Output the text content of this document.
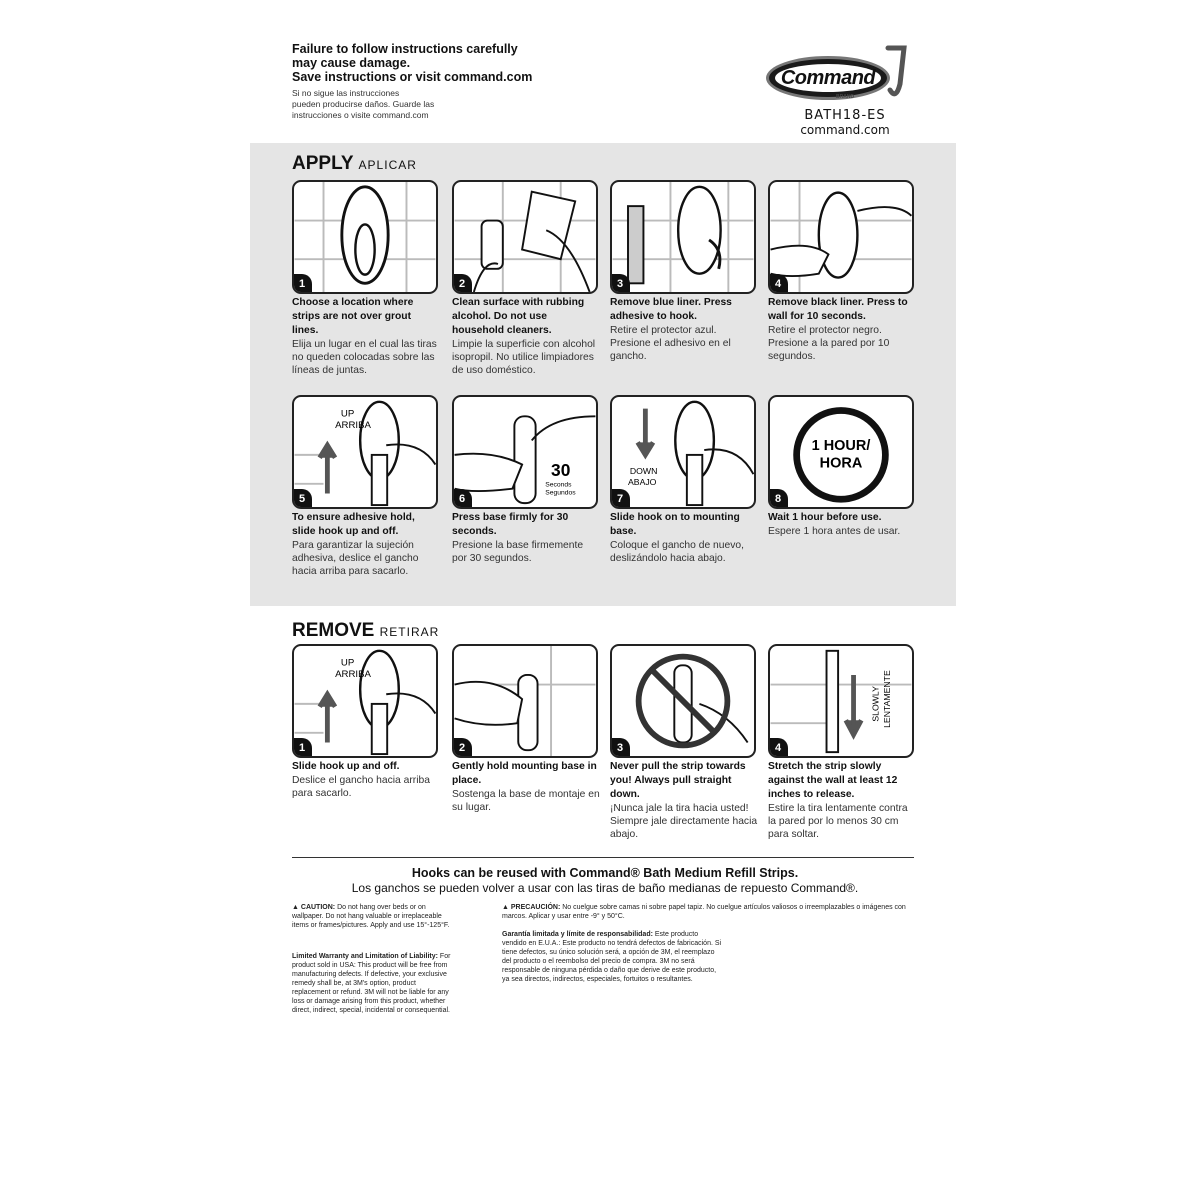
Failure to follow instructions carefully
may cause damage.
Save instructions or visit command.com
Si no sigue las instrucciones
pueden producirse daños. Guarde las
instrucciones o visite command.com
Command
BRAND
BATH18-ES
command.com
APPLY APLICAR
1
Choose a location where strips are not over grout lines.
Elija un lugar en el cual las tiras no queden colocadas sobre las líneas de juntas.
2
Clean surface with rubbing alcohol. Do not use household cleaners.
Limpie la superficie con alcohol isopropil. No utilice limpiadores de uso doméstico.
3
Remove blue liner. Press adhesive to hook.
Retire el protector azul. Presione el adhesivo en el gancho.
4
Remove black liner. Press to wall for 10 seconds.
Retire el protector negro. Presione a la pared por 10 segundos.
UP
ARRIBA
5
To ensure adhesive hold, slide hook up and off.
Para garantizar la sujeción adhesiva, deslice el gancho hacia arriba para sacarlo.
30
Seconds
Segundos
6
Press base firmly for 30 seconds.
Presione la base firmemente por 30 segundos.
DOWN
ABAJO
7
Slide hook on to mounting base.
Coloque el gancho de nuevo, deslizándolo hacia abajo.
1 HOUR/
HORA
8
Wait 1 hour before use.
Espere 1 hora antes de usar.
REMOVE RETIRAR
UP
ARRIBA
1
Slide hook up and off.
Deslice el gancho hacia arriba para sacarlo.
2
Gently hold mounting base in place.
Sostenga la base de montaje en su lugar.
3
Never pull the strip towards you! Always pull straight down.
¡Nunca jale la tira hacia usted! Siempre jale directamente hacia abajo.
SLOWLY LENTAMENTE
4
Stretch the strip slowly against the wall at least 12 inches to release.
Estire la tira lentamente contra la pared por lo menos 30 cm para soltar.
Hooks can be reused with Command® Bath Medium Refill Strips.
Los ganchos se pueden volver a usar con las tiras de baño medianas de repuesto Command®.
▲ CAUTION: Do not hang over beds or on wallpaper. Do not hang valuable or irreplaceable items or frames/pictures. Apply and use 15°-125°F.
Limited Warranty and Limitation of Liability: For product sold in USA: This product will be free from manufacturing defects. If defective, your exclusive remedy shall be, at 3M's option, product replacement or refund. 3M will not be liable for any loss or damage arising from this product, whether direct, indirect, special, incidental or consequential.
▲ PRECAUCIÓN: No cuelgue sobre camas ni sobre papel tapiz. No cuelgue artículos valiosos o irreemplazables o imágenes con marcos. Aplicar y usar entre -9° y 50°C.
Garantía limitada y límite de responsabilidad: Este producto vendido en E.U.A.: Este producto no tendrá defectos de fabricación. Si tiene defectos, su único solución será, a opción de 3M, el reemplazo del producto o el reembolso del precio de compra. 3M no será responsable de ninguna pérdida o daño que derive de este producto, ya sea directos, indirectos, especiales, fortuitos o resultantes.
